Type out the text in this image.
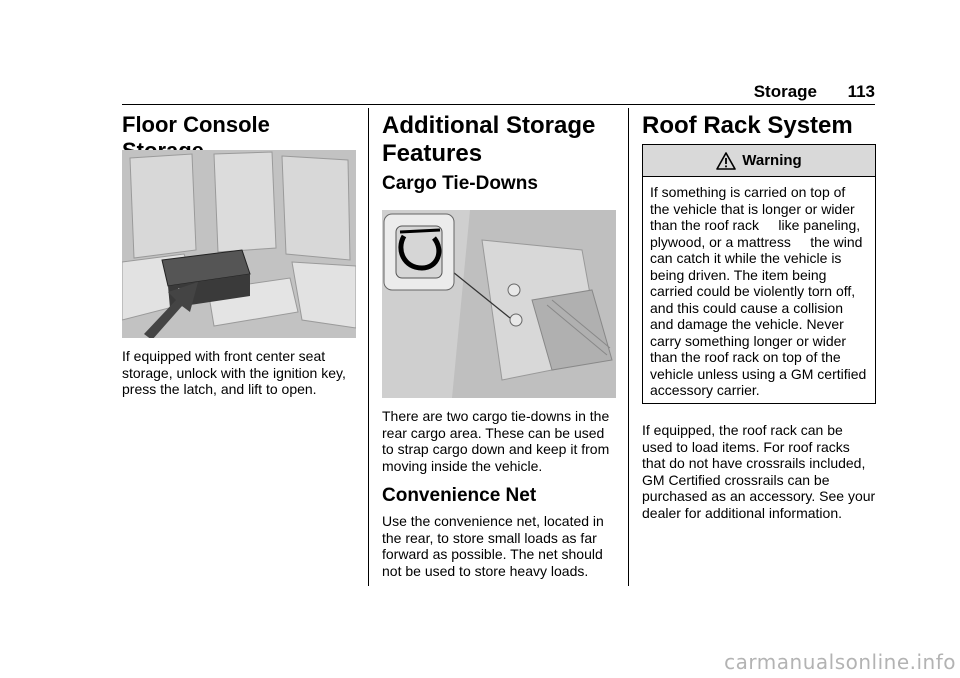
Storage 113
Floor Console

If equipped with front center seat storage, unlock with the ignition key, press the latch, and lift to open.

Additional Storage
Features
Cargo Tie-Downs

There are two cargo tie-downs in the rear cargo area. These can be used to strap cargo down and keep it from moving inside the vehicle.

Convenience Net

Use the convenience net, located in the rear, to store small loads as far forward as possible. The net should not be used to store heavy loads.

Roof Rack System
Warning

If something is carried on top of the vehicle that is longer or wider than the roof rack     like paneling, plywood, or a mattress     the wind can catch it while the vehicle is being driven. The item being carried could be violently torn off, and this could cause a collision and damage the vehicle. Never carry something longer or wider than the roof rack on top of the vehicle unless using a GM certified accessory carrier.

If equipped, the roof rack can be used to load items. For roof racks that do not have crossrails included, GM Certified crossrails can be purchased as an accessory. See your dealer for additional information.

carmanualsonline.info
